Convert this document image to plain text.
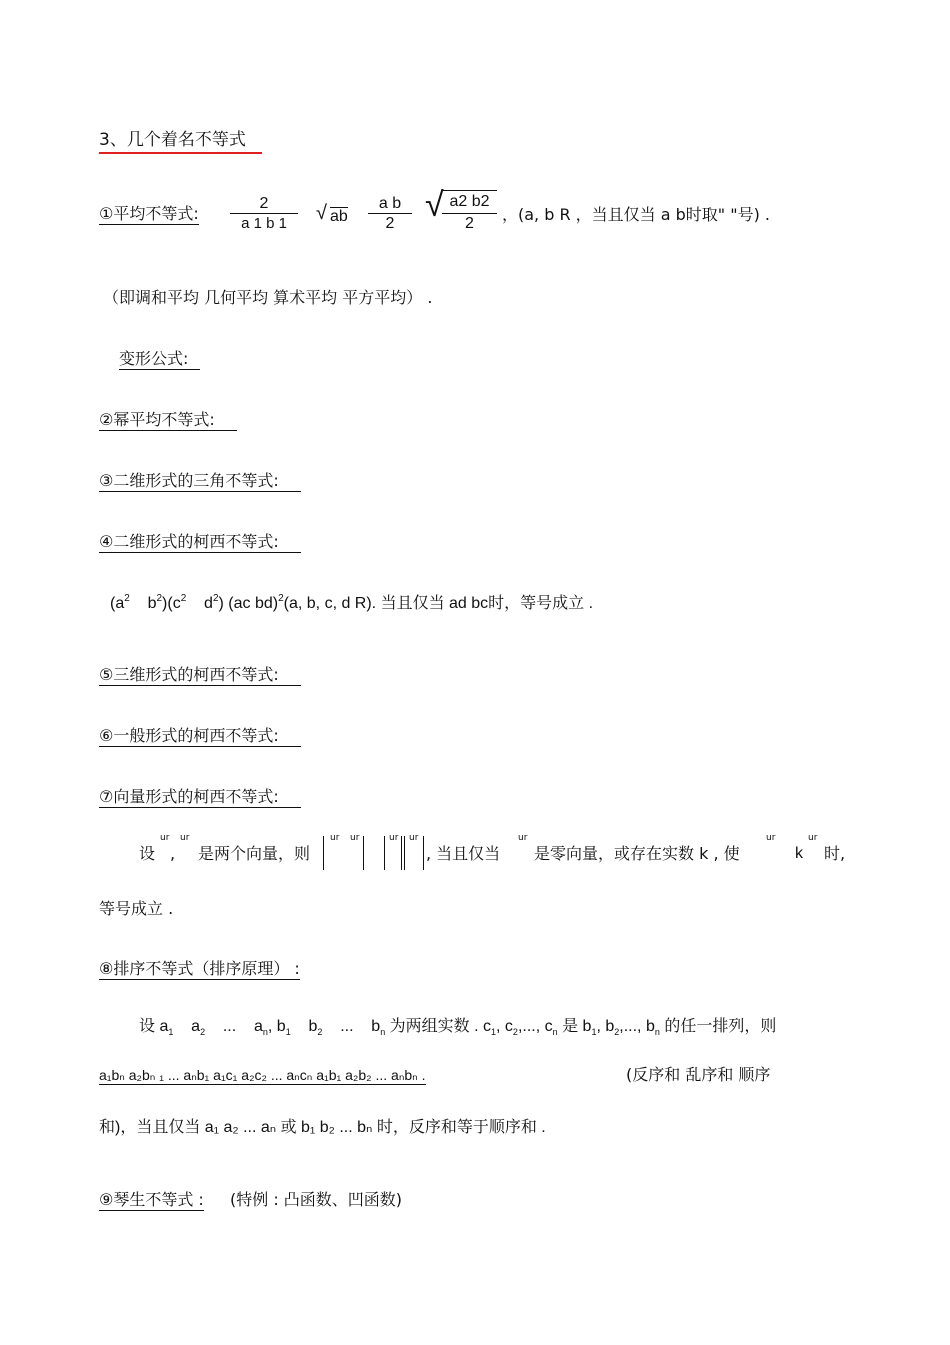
3、几个着名不等式
①平均不等式:
2
a 1 b 1	√ ab
a b
2 √ a2 b2
2	，(a, b R ，当且仅当 a b时取" "号) .
（即调和平均 几何平均 算术平均 平方平均） .
变形公式:
②幂平均不等式:
③二维形式的三角不等式:
④二维形式的柯西不等式:
($a^2$ $b^2)(c^2$ $d^2$) (ac bd)$^2$(a, b, c, d R). 当且仅当 ad bc时，等号成立 .
⑤三维形式的柯西不等式:
⑥一般形式的柯西不等式:
⑦向量形式的柯西不等式:
设
ur
,
ur
是两个向量，则
ur ur	ur ur
, 当且仅当
ur
是零向量，或存在实数 k , 使
ur
k
ur
时,
等号成立 .
⑧排序不等式（排序原理） :
设 $a_1$    $a_2$    ...    $a_n$, $b_1$    $b_2$    ...    $b_n$ 为两组实数 . $c_1$, $c_2$,..., $c_n$ 是 $b_1$, $b_2$,..., $b_n$ 的任一排列，则
a₁bₙ a₂bₙ ₁ ... aₙb₁ a₁c₁ a₂c₂ ... aₙcₙ a₁b₁ a₂b₂ ... aₙbₙ .	(反序和 乱序和 顺序
和)，当且仅当 a₁ a₂ ... aₙ 或 b₁ b₂ ... bₙ 时，反序和等于顺序和 .
⑨琴生不等式 : (特例 : 凸函数、凹函数)
